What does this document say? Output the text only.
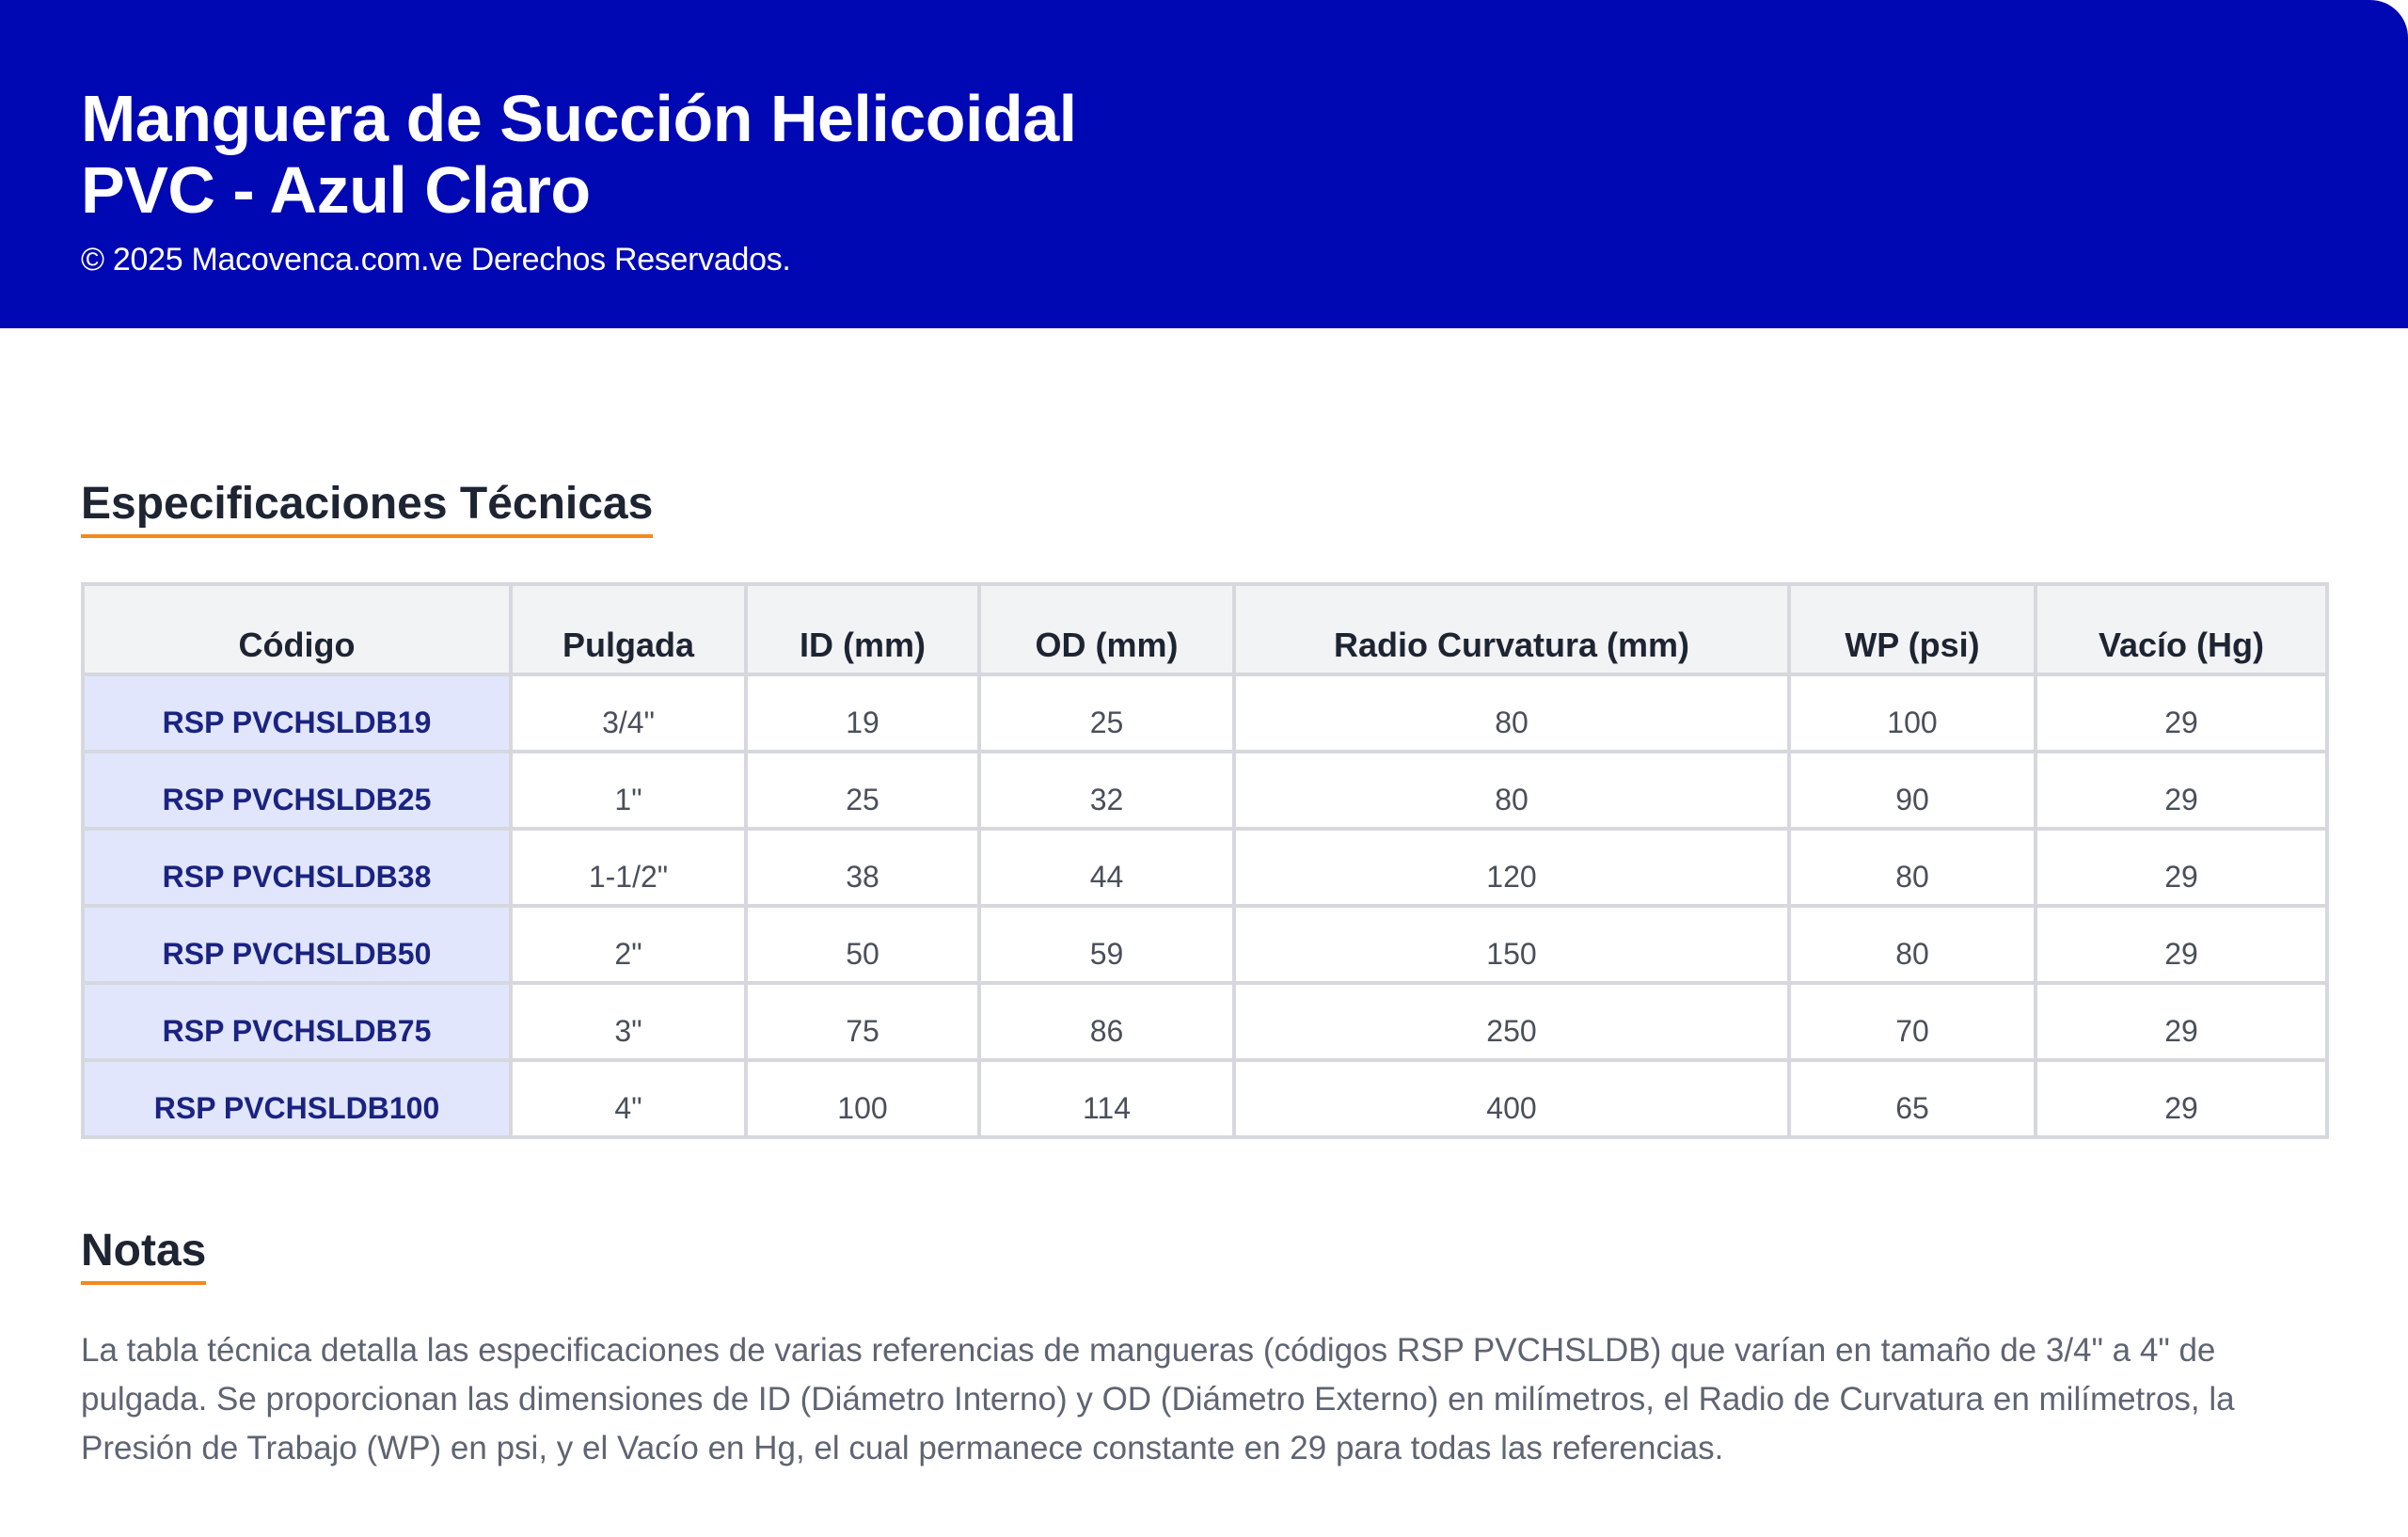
Manguera de Succión Helicoidal
PVC - Azul Claro
© 2025 Macovenca.com.ve Derechos Reservados.
Especificaciones Técnicas
Código	Pulgada	ID (mm)	OD (mm)	Radio Curvatura (mm)	WP (psi)	Vacío (Hg)
RSP PVCHSLDB19	3/4"	19	25	80	100	29
RSP PVCHSLDB25	1"	25	32	80	90	29
RSP PVCHSLDB38	1-1/2"	38	44	120	80	29
RSP PVCHSLDB50	2"	50	59	150	80	29
RSP PVCHSLDB75	3"	75	86	250	70	29
RSP PVCHSLDB100	4"	100	114	400	65	29
Notas

La tabla técnica detalla las especificaciones de varias referencias de mangueras (códigos RSP PVCHSLDB) que varían en tamaño de 3/4" a 4" de pulgada. Se proporcionan las dimensiones de ID (Diámetro Interno) y OD (Diámetro Externo) en milímetros, el Radio de Curvatura en milímetros, la Presión de Trabajo (WP) en psi, y el Vacío en Hg, el cual permanece constante en 29 para todas las referencias.
